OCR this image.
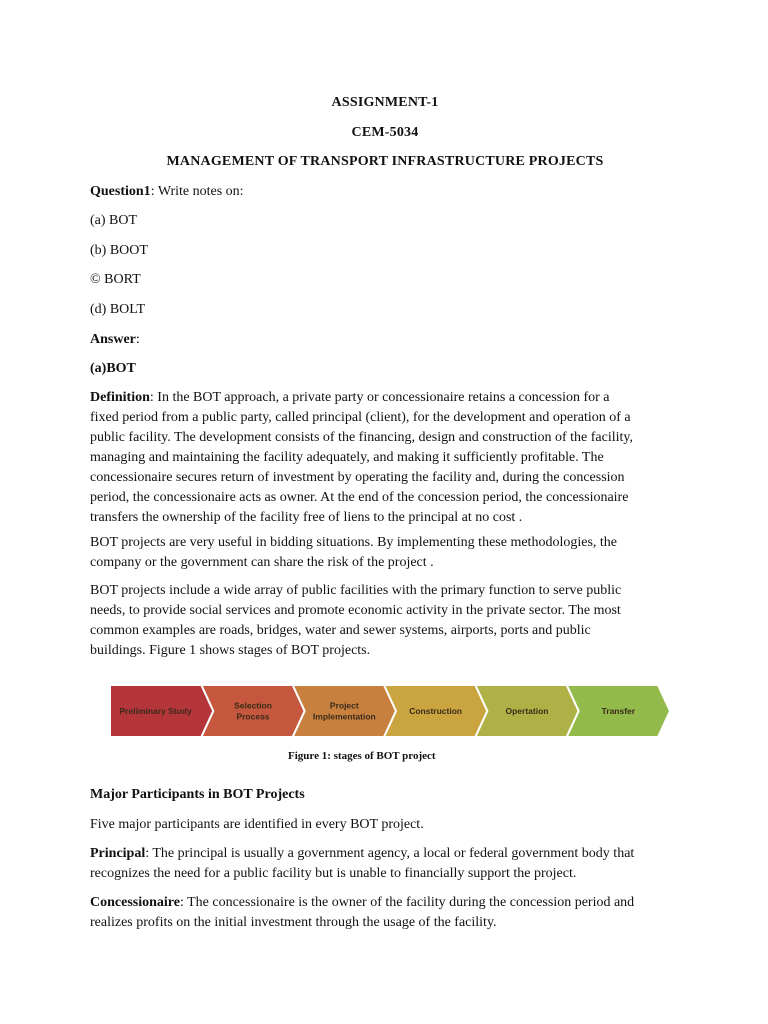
ASSIGNMENT-1
CEM-5034
MANAGEMENT OF TRANSPORT INFRASTRUCTURE PROJECTS
Question1: Write notes on:
(a) BOT
(b) BOOT
© BORT
(d) BOLT
Answer:
(a)BOT
Definition: In the BOT approach, a private party or concessionaire retains a concession for a
fixed period from a public party, called principal (client), for the development and operation of a
public facility. The development consists of the financing, design and construction of the facility,
managing and maintaining the facility adequately, and making it sufficiently profitable. The
concessionaire secures return of investment by operating the facility and, during the concession
period, the concessionaire acts as owner. At the end of the concession period, the concessionaire
transfers the ownership of the facility free of liens to the principal at no cost .
BOT projects are very useful in bidding situations. By implementing these methodologies, the
company or the government can share the risk of the project .
BOT projects include a wide array of public facilities with the primary function to serve public
needs, to provide social services and promote economic activity in the private sector. The most
common examples are roads, bridges, water and sewer systems, airports, ports and public
buildings. Figure 1 shows stages of BOT projects.
Major Participants in BOT Projects
Five major participants are identified in every BOT project.
Principal: The principal is usually a government agency, a local or federal government body that
recognizes the need for a public facility but is unable to financially support the project.
Concessionaire: The concessionaire is the owner of the facility during the concession period and
realizes profits on the initial investment through the usage of the facility.
Preliminary Study
Selection
Process
Project
Implementation
Construction	Opertation	Transfer
Figure 1: stages of BOT project
